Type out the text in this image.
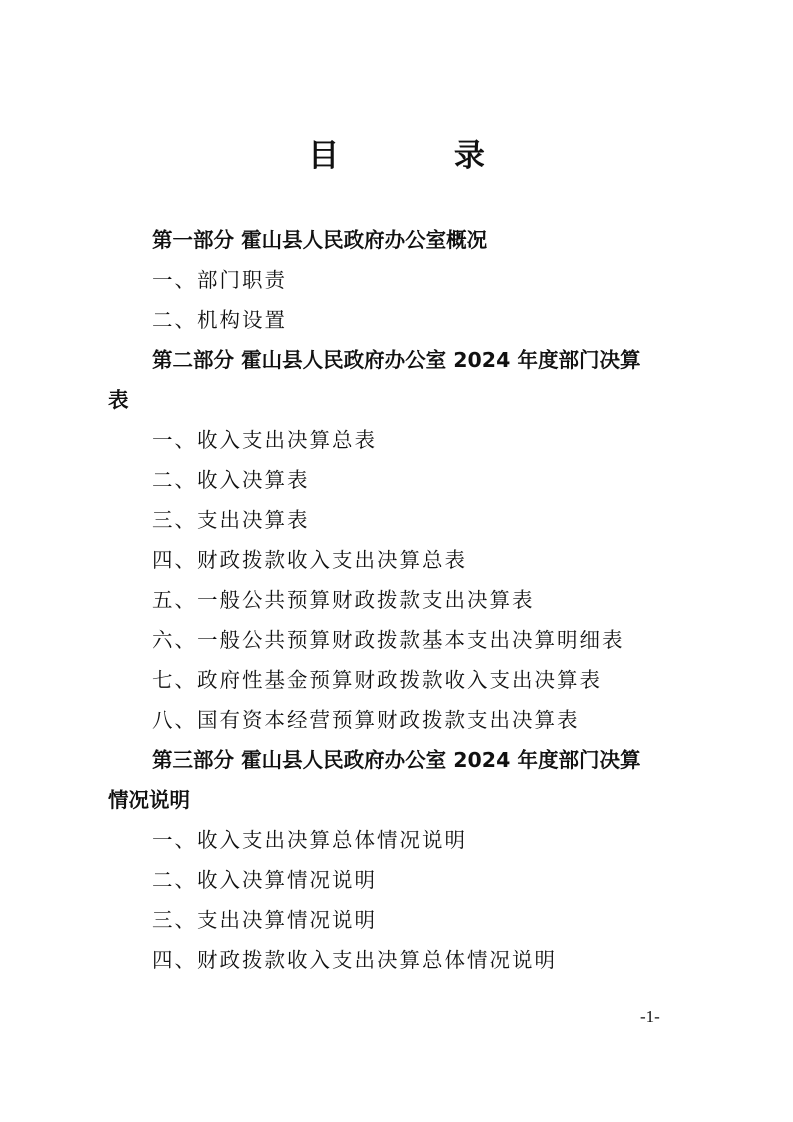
目 录
第一部分 霍山县人民政府办公室概况
一、部门职责
二、机构设置
第二部分 霍山县人民政府办公室 2024 年度部门决算
表
一、收入支出决算总表
二、收入决算表
三、支出决算表
四、财政拨款收入支出决算总表
五、一般公共预算财政拨款支出决算表
六、一般公共预算财政拨款基本支出决算明细表
七、政府性基金预算财政拨款收入支出决算表
八、国有资本经营预算财政拨款支出决算表
第三部分 霍山县人民政府办公室 2024 年度部门决算
情况说明
一、收入支出决算总体情况说明
二、收入决算情况说明
三、支出决算情况说明
四、财政拨款收入支出决算总体情况说明
-1-
